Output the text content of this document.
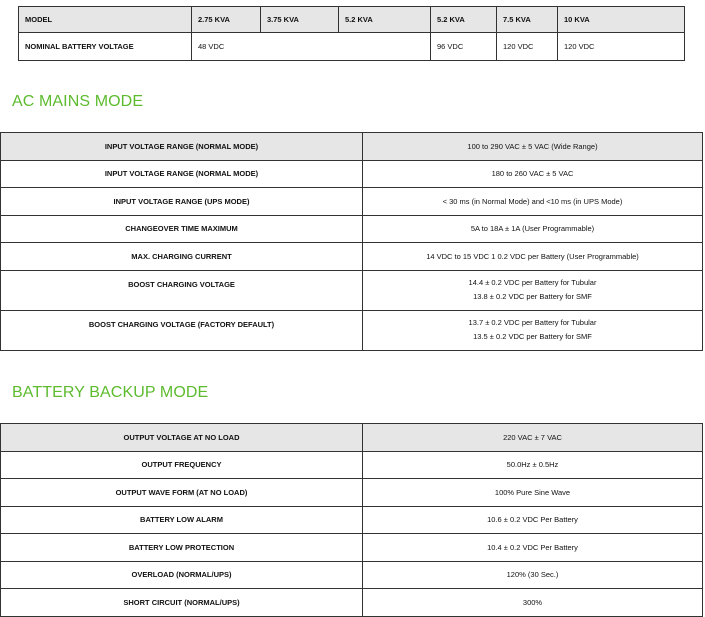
MODEL	2.75 KVA	3.75 KVA	5.2 KVA	5.2 KVA	7.5 KVA	10 KVA
NOMINAL BATTERY VOLTAGE	48 VDC			96 VDC	120 VDC	120 VDC
AC MAINS MODE
INPUT VOLTAGE RANGE (NORMAL MODE)	100 to 290 VAC ± 5 VAC (Wide Range)
INPUT VOLTAGE RANGE (NORMAL MODE)	180 to 260 VAC ± 5 VAC
INPUT VOLTAGE RANGE (UPS MODE)	< 30 ms (in Normal Mode) and <10 ms (in UPS Mode)
CHANGEOVER TIME MAXIMUM	5A to 18A ± 1A (User Programmable)
MAX. CHARGING CURRENT	14 VDC to 15 VDC 1 0.2 VDC per Battery (User Programmable)
BOOST CHARGING VOLTAGE	14.4 ± 0.2 VDC per Battery for Tubular
13.8 ± 0.2 VDC per Battery for SMF

BOOST CHARGING VOLTAGE (FACTORY DEFAULT)	13.7 ± 0.2 VDC per Battery for Tubular
13.5 ± 0.2 VDC per Battery for SMF
BATTERY BACKUP MODE
OUTPUT VOLTAGE AT NO LOAD	220 VAC ± 7 VAC
OUTPUT FREQUENCY	50.0Hz ± 0.5Hz
OUTPUT WAVE FORM (AT NO LOAD)	100% Pure Sine Wave
BATTERY LOW ALARM	10.6 ± 0.2 VDC Per Battery
BATTERY LOW PROTECTION	10.4 ± 0.2 VDC Per Battery
OVERLOAD (NORMAL/UPS)	120% (30 Sec.)
SHORT CIRCUIT (NORMAL/UPS)	300%
